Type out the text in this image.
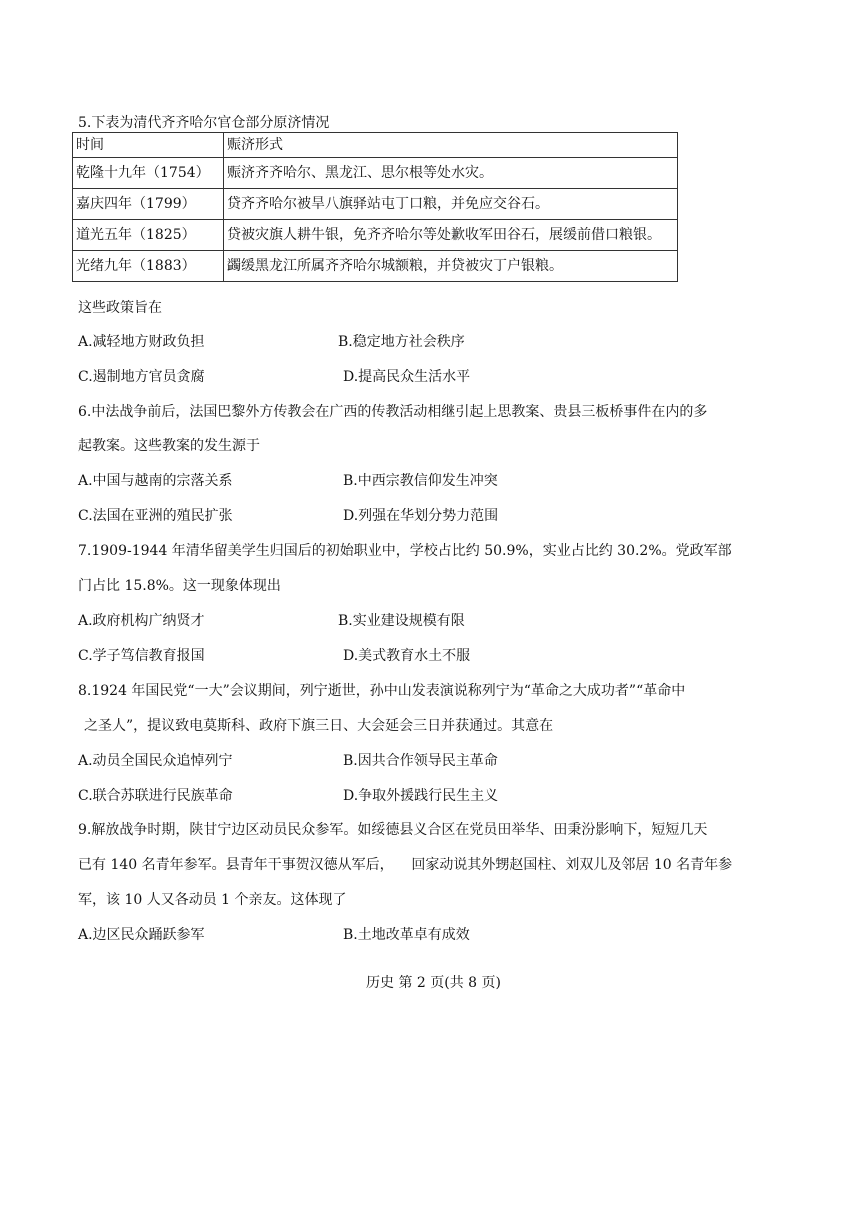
5.下表为清代齐齐哈尔官仓部分原济情况
时间	赈济形式
乾隆十九年（1754）	赈济齐齐哈尔、黑龙江、思尔根等处水灾。
嘉庆四年（1799）	贷齐齐哈尔被旱八旗驿站屯丁口粮，并免应交谷石。
道光五年（1825）	贷被灾旗人耕牛银，免齐齐哈尔等处歉收军田谷石，展缓前借口粮银。
光绪九年（1883）	蠲缓黑龙江所属齐齐哈尔城额粮，并贷被灾丁户银粮。
这些政策旨在
A.减轻地方财政负担	B.稳定地方社会秩序
C.遏制地方官员贪腐	D.提高民众生活水平
6.中法战争前后，法国巴黎外方传教会在广西的传教活动相继引起上思教案、贵县三板桥事件在内的多
起教案。这些教案的发生源于
A.中国与越南的宗落关系	B.中西宗教信仰发生冲突
C.法国在亚洲的殖民扩张	D.列强在华划分势力范围
7.1909-1944 年清华留美学生归国后的初始职业中，学校占比约 50.9%，实业占比约 30.2%。党政军部
门占比 15.8%。这一现象体现出
A.政府机构广纳贤才	B.实业建设规模有限
C.学子笃信教育报国	D.美式教育水土不服
8.1924 年国民党“一大”会议期间，列宁逝世，孙中山发表演说称列宁为“革命之大成功者”“革命中
之圣人”，提议致电莫斯科、政府下旗三日、大会延会三日并获通过。其意在
A.动员全国民众追悼列宁	B.因共合作领导民主革命
C.联合苏联进行民族革命	D.争取外援践行民生主义
9.解放战争时期，陕甘宁边区动员民众参军。如绥德县义合区在党员田举华、田秉汾影响下，短短几天
已有 140 名青年参军。县青年干事贺汉德从军后，    回家动说其外甥赵国柱、刘双儿及邻居 10 名青年参
军，该 10 人又各动员 1 个亲友。这体现了
A.边区民众踊跃参军	B.土地改革卓有成效
历史 第 2 页(共 8 页)
